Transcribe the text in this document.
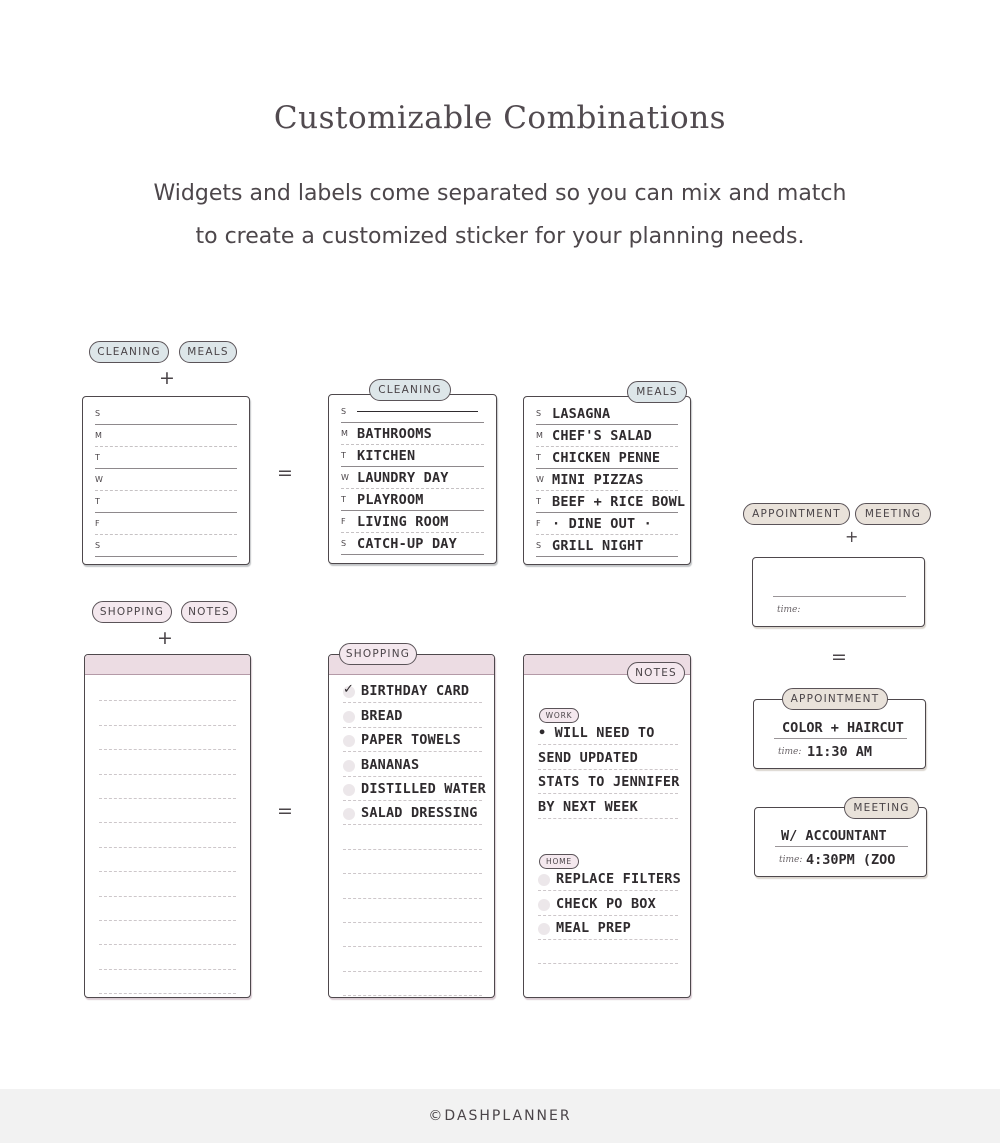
Customizable Combinations
Widgets and labels come separated so you can mix and match
to create a customized sticker for your planning needs.
CLEANING	MEALS
+
S
M
T
W
T
F
S
=
S
M BATHROOMS
T KITCHEN
W LAUNDRY DAY
T PLAYROOM
F LIVING ROOM
S CATCH-UP DAY
CLEANING
S LASAGNA
M CHEF'S SALAD
T CHICKEN PENNE
W MINI PIZZAS
T BEEF + RICE BOWL
F · DINE OUT ·
S GRILL NIGHT
MEALS
SHOPPING	NOTES
+
=
✓ BIRTHDAY CARD
BREAD
PAPER TOWELS
BANANAS
DISTILLED WATER
SALAD DRESSING
SHOPPING
WORK
• WILL NEED TO
SEND UPDATED
STATS TO JENNIFER
BY NEXT WEEK
HOME
REPLACE FILTERS
CHECK PO BOX
MEAL PREP
NOTES
APPOINTMENT	MEETING
+
time:
=
COLOR + HAIRCUT
time: 11:30 AM
APPOINTMENT
W/ ACCOUNTANT
time: 4:30PM (ZOO
MEETING
©DASHPLANNER
